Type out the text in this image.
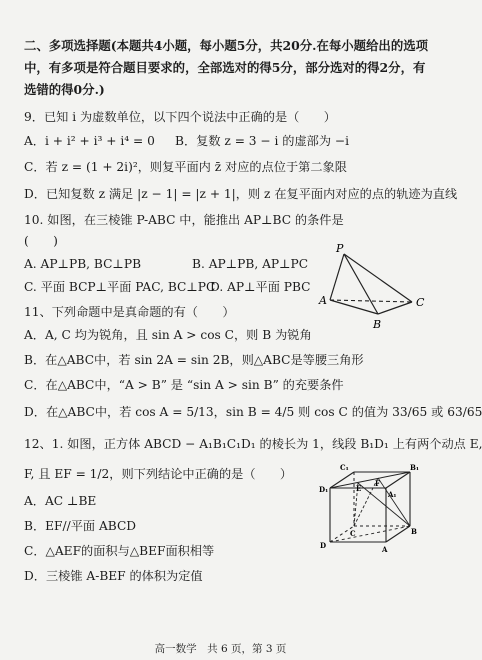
二、多项选择题(本题共4小题，每小题5分，共20分.在每小题给出的选项
中，有多项是符合题目要求的，全部选对的得5分，部分选对的得2分，有
选错的得0分.)
9．已知 i 为虚数单位，以下四个说法中正确的是（　　）
A．i + i² + i³ + i⁴ = 0 B．复数 z = 3 − i 的虚部为 −i
C．若 z = (1 + 2i)²，则复平面内 z̄ 对应的点位于第二象限
D．已知复数 z 满足 |z − 1| = |z + 1|，则 z 在复平面内对应的点的轨迹为直线
10. 如图，在三棱锥 P-ABC 中，能推出 AP⊥BC 的条件是
(　　)
A. AP⊥PB, BC⊥PB	B. AP⊥PB, AP⊥PC
C. 平面 BCP⊥平面 PAC, BC⊥PC
D. AP⊥平面 PBC
P
A
B
C
11、下列命题中是真命题的有（　　）
A．A, C 均为锐角，且 sin A > cos C，则 B 为锐角
B．在△ABC中，若 sin 2A = sin 2B，则△ABC是等腰三角形
C．在△ABC中，“A > B” 是 “sin A > sin B” 的充要条件
D．在△ABC中，若 cos A = 5/13，sin B = 4/5 则 cos C 的值为 33/65 或 63/65
12、1. 如图，正方体 ABCD − A₁B₁C₁D₁ 的棱长为 1，线段 B₁D₁ 上有两个动点 E,
F, 且 EF = 1/2，则下列结论中正确的是（　　）
A．AC ⊥BE
B．EF//平面 ABCD
C．△AEF的面积与△BEF面积相等
D．三棱锥 A-BEF 的体积为定值
C₁
D₁
B₁
A₁
E
F
D
C
A
B
高一数学　共 6 页，第 3 页
